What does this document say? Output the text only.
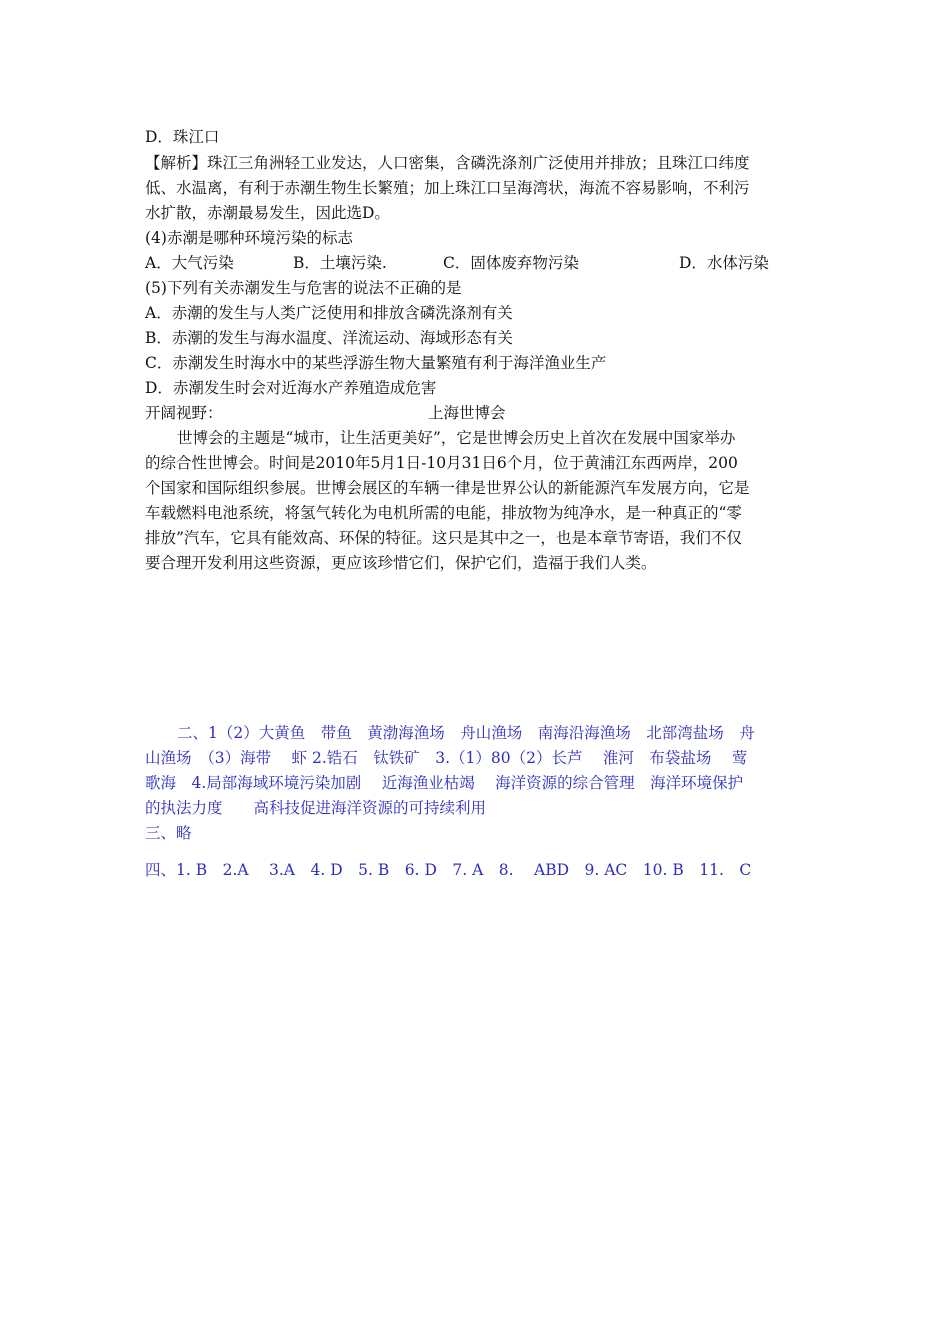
D．珠江口
【解析】珠江三角洲轻工业发达，人口密集，含磷洗涤剂广泛使用并排放；且珠江口纬度
低、水温离，有利于赤潮生物生长繁殖；加上珠江口呈海湾状，海流不容易影响，不利污
水扩散，赤潮最易发生，因此选D。
(4)赤潮是哪种环境污染的标志
A．大气污染	B．土壤污染.	C．固体废弃物污染	D．水体污染
(5)下列有关赤潮发生与危害的说法不正确的是
A．赤潮的发生与人类广泛使用和排放含磷洗涤剂有关
B．赤潮的发生与海水温度、洋流运动、海域形态有关
C．赤潮发生时海水中的某些浮游生物大量繁殖有利于海洋渔业生产
D．赤潮发生时会对近海水产养殖造成危害
开阔视野：	上海世博会
世博会的主题是“城市，让生活更美好”，它是世博会历史上首次在发展中国家举办
的综合性世博会。时间是2010年5月1日-10月31日6个月，位于黄浦江东西两岸，200
个国家和国际组织参展。世博会展区的车辆一律是世界公认的新能源汽车发展方向，它是
车载燃料电池系统，将氢气转化为电机所需的电能，排放物为纯净水，是一种真正的“零
排放”汽车，它具有能效高、环保的特征。这只是其中之一，也是本章节寄语，我们不仅
要合理开发利用这些资源，更应该珍惜它们，保护它们，造福于我们人类。
二、1（2）大黄鱼　带鱼　黄渤海渔场　舟山渔场　南海沿海渔场　北部湾盐场　舟
山渔场　（3）海带　 虾 2.锆石　钛铁矿　3.（1）80（2）长芦　 淮河　布袋盐场　 莺
歌海　4.局部海域环境污染加剧　 近海渔业枯竭　 海洋资源的综合管理　海洋环境保护
的执法力度　　高科技促进海洋资源的可持续利用
三、略
四、1. B　2.A　 3.A　4. D　5. B　6. D　7. A　8.　 ABD　9. AC　10. B　11.　C
